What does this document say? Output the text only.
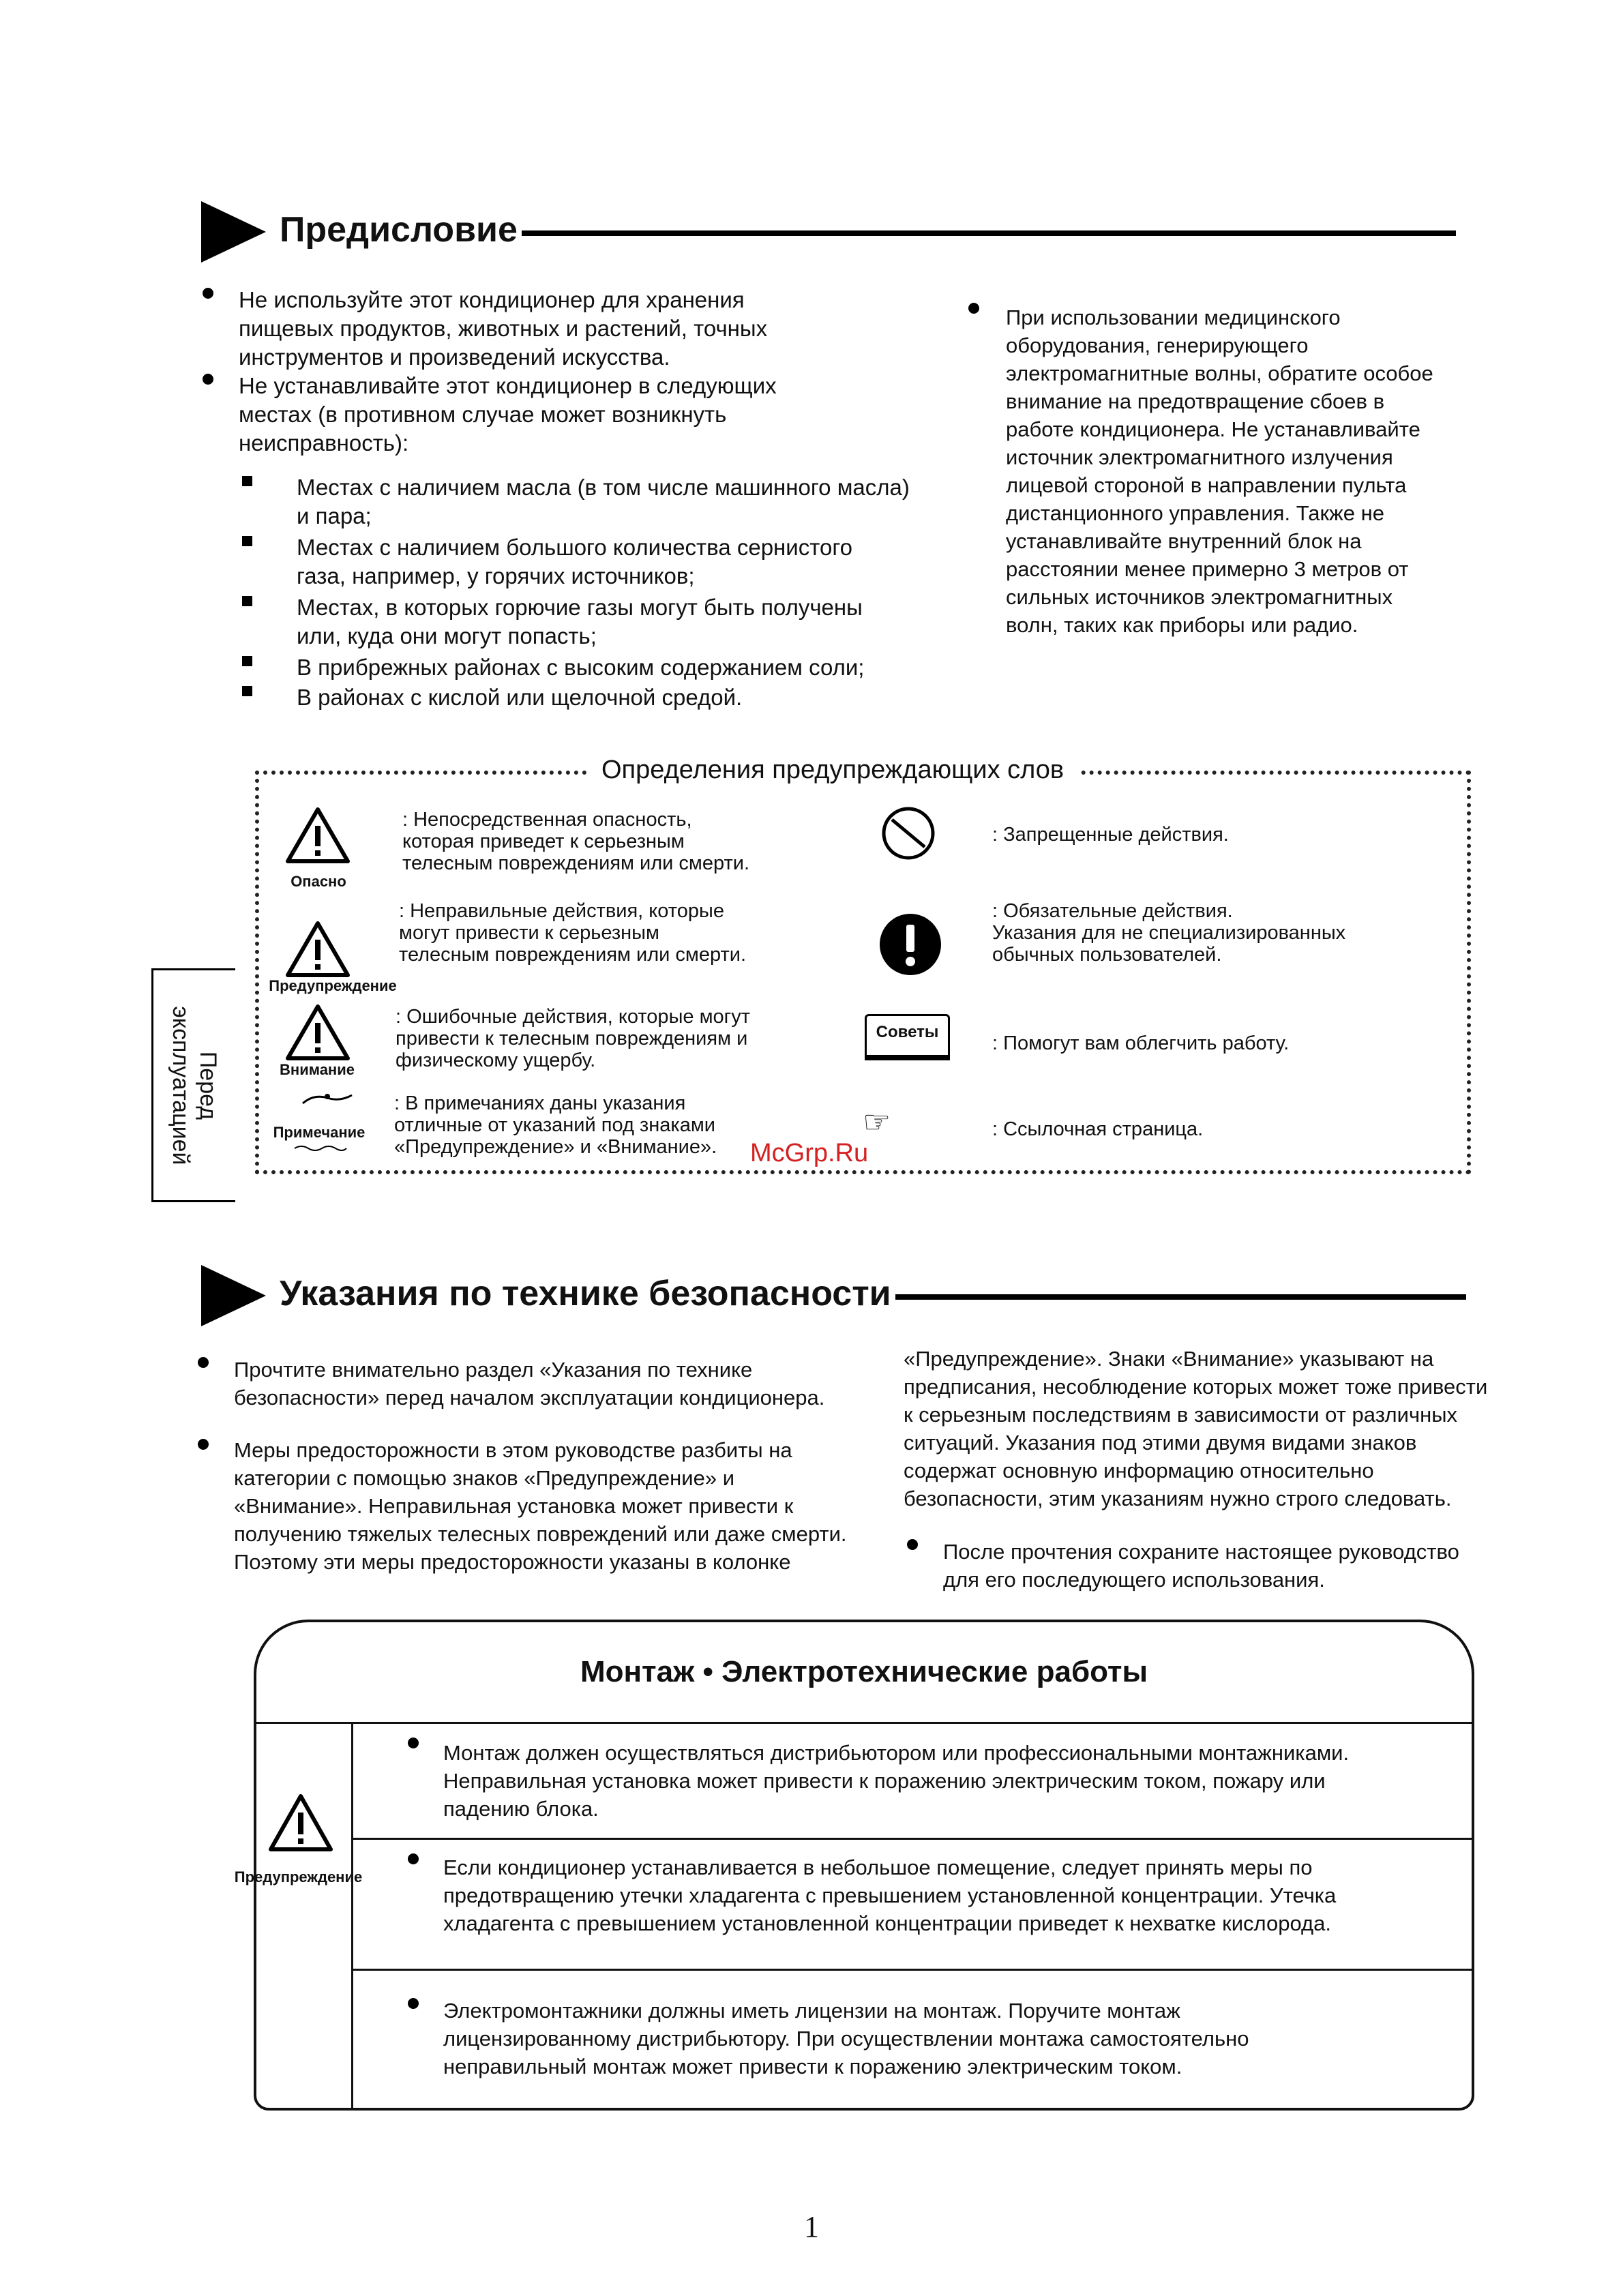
Предисловие
Не используйте этот кондиционер для хранения
пищевых продуктов, животных и растений, точных
инструментов и произведений искусства.
Не устанавливайте этот кондиционер в следующих
местах (в противном случае может возникнуть
неисправность):
Местах с наличием масла (в том числе машинного масла)
и пара;
Местах с наличием большого количества сернистого
газа, например, у горячих источников;
Местах, в которых горючие газы могут быть получены
или, куда они могут попасть;
В прибрежных районах с высоким содержанием соли;
В районах с кислой или щелочной средой.
При использовании медицинского
оборудования, генерирующего
электромагнитные волны, обратите особое
внимание на предотвращение сбоев в
работе кондиционера. Не устанавливайте
источник электромагнитного излучения
лицевой стороной в направлении пульта
дистанционного управления. Также не
устанавливайте внутренний блок на
расстоянии менее примерно 3 метров от
сильных источников электромагнитных
волн, таких как приборы или радио.
Определения предупреждающих слов
Опасно
: Непосредственная опасность,
которая приведет к серьезным
телесным повреждениям или смерти.
Предупреждение
: Неправильные действия, которые
могут привести к серьезным
телесным повреждениям или смерти.
Внимание
: Ошибочные действия, которые могут
привести к телесным повреждениям и
физическому ущербу.
Примечание
: В примечаниях даны указания
отличные от указаний под знаками
«Предупреждение» и «Внимание».
: Запрещенные действия.
: Обязательные действия.
Указания для не специализированных
обычных пользователей.
Советы
: Помогут вам облегчить работу.
☞	: Ссылочная страница.
Перед
эксплуатацией	McGrp.Ru
Указания по технике безопасности
Прочтите внимательно раздел «Указания по технике
безопасности» перед началом эксплуатации кондиционера.
Меры предосторожности в этом руководстве разбиты на
категории с помощью знаков «Предупреждение» и
«Внимание». Неправильная установка может привести к
получению тяжелых телесных повреждений или даже смерти.
Поэтому эти меры предосторожности указаны в колонке
«Предупреждение». Знаки «Внимание» указывают на
предписания, несоблюдение которых может тоже привести
к серьезным последствиям в зависимости от различных
ситуаций. Указания под этими двумя видами знаков
содержат основную информацию относительно
безопасности, этим указаниям нужно строго следовать.
После прочтения сохраните настоящее руководство
для его последующего использования.
Монтаж • Электротехнические работы
Предупреждение
Монтаж должен осуществляться дистрибьютором или профессиональными монтажниками.
Неправильная установка может привести к поражению электрическим током, пожару или
падению блока.
Если кондиционер устанавливается в небольшое помещение, следует принять меры по
предотвращению утечки хладагента с превышением установленной концентрации. Утечка
хладагента с превышением установленной концентрации приведет к нехватке кислорода.
Электромонтажники должны иметь лицензии на монтаж. Поручите монтаж
лицензированному дистрибьютору. При осуществлении монтажа самостоятельно
неправильный монтаж может привести к поражению электрическим током.
1
